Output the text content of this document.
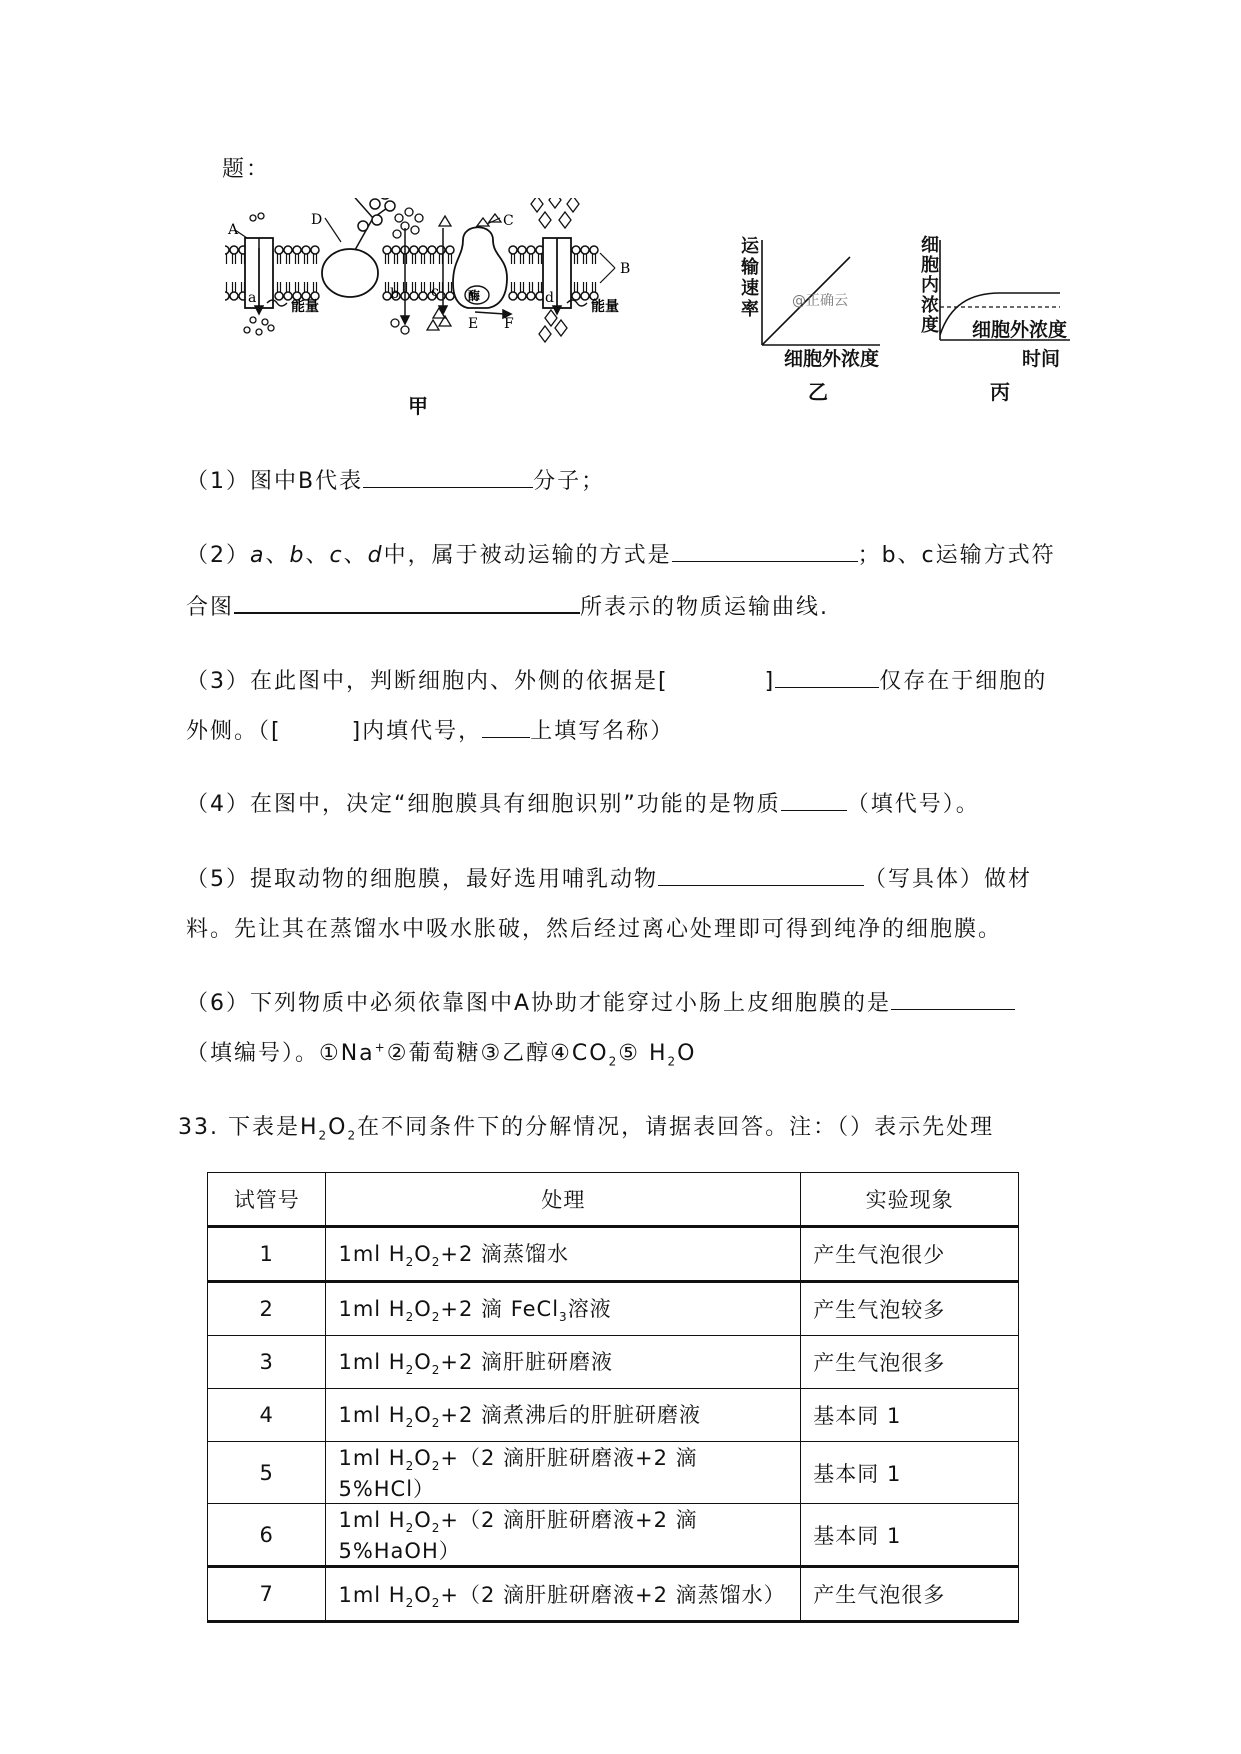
题：
酶
A
D	C
B
a	b c	d
E F
能量	能量
甲
@正确云
运输速率
细胞外浓度
乙
细胞内浓度 细胞外浓度
时间
丙
（1）图中B代表	分子；
（2）a、b、c、d中，属于被动运输的方式是	；b、c运输方式符
合图	所表示的物质运输曲线.
（3）在此图中，判断细胞内、外侧的依据是[	]	仅存在于细胞的
外侧。（[	]内填代号， 上填写名称）
（4）在图中，决定“细胞膜具有细胞识别”功能的是物质	（填代号）。
（5）提取动物的细胞膜，最好选用哺乳动物	（写具体）做材
料。先让其在蒸馏水中吸水胀破，然后经过离心处理即可得到纯净的细胞膜。
（6）下列物质中必须依靠图中A协助才能穿过小肠上皮细胞膜的是
（填编号）。①Na+②葡萄糖③乙醇$④CO_2⑤$ $H_2O$
33. 下表是$H_2O_2$在不同条件下的分解情况，请据表回答。注：（）表示先处理
试管号	处理	实验现象
1	1ml $H_2O_2+2$ 滴蒸馏水	产生气泡很少
2	1ml $H_2O_2+2$ 滴 FeCl$_3$溶液	产生气泡较多
3	1ml $H_2O_2+2$ 滴肝脏研磨液	产生气泡很多
4	1ml $H_2O_2+2$ 滴煮沸后的肝脏研磨液	基本同 1
5	1ml $H_2O_2+(2$ 滴肝脏研磨液+2 滴 5%HCl）	基本同 1
6	1ml $H_2O_2+(2$ 滴肝脏研磨液+2 滴 5%HaOH）	基本同 1
7	1ml $H_2O_2+(2$ 滴肝脏研磨液+2 滴蒸馏水）	产生气泡很多
